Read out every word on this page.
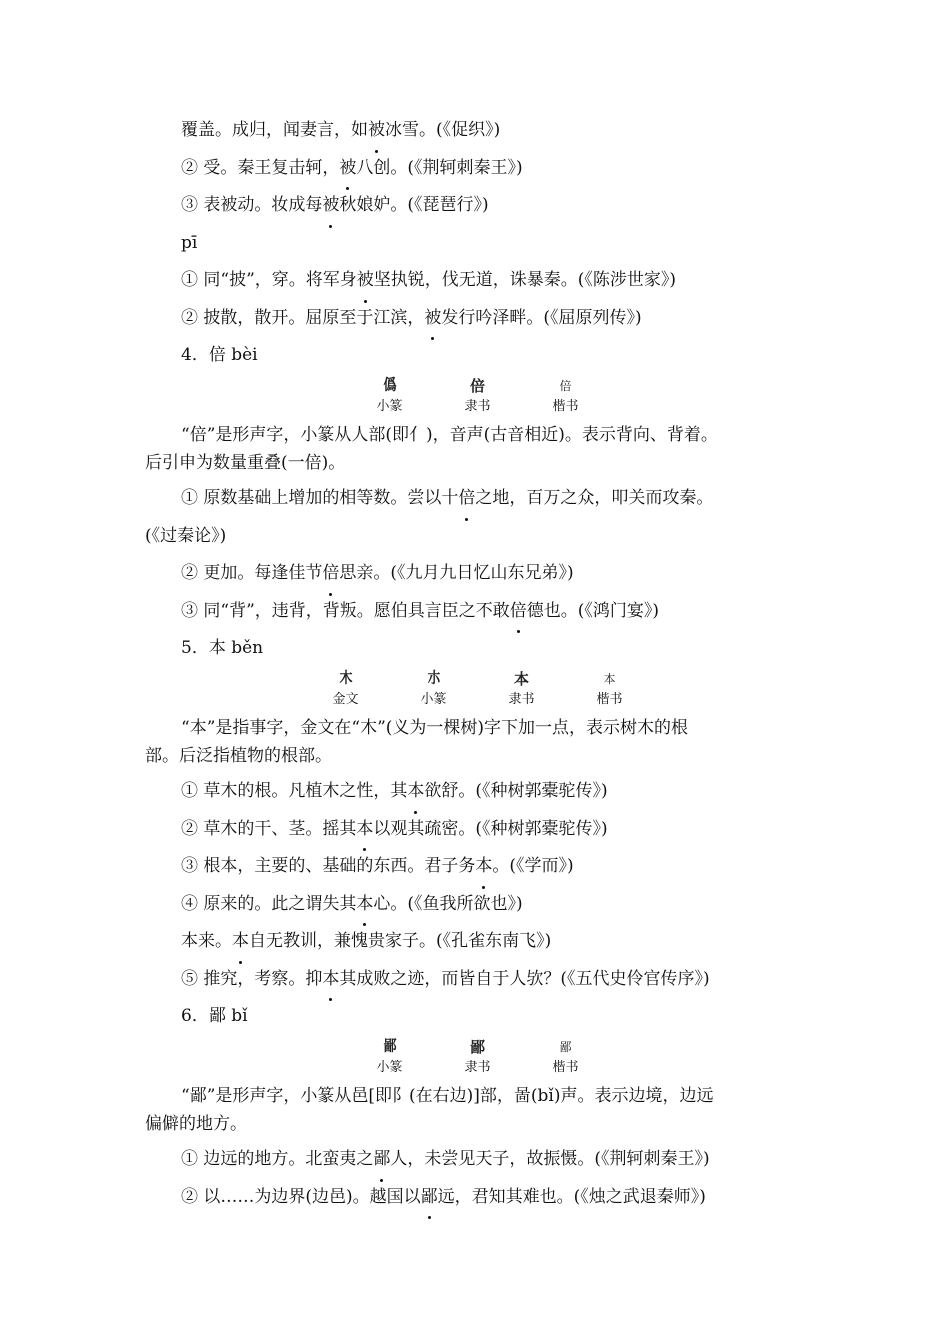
覆盖。成归，闻妻言，如被冰雪。(《促织》)
② 受。秦王复击轲，被八创。(《荆轲刺秦王》)
③ 表被动。妆成每被秋娘妒。(《琵琶行》)
pī
① 同“披”，穿。将军身被坚执锐，伐无道，诛暴秦。(《陈涉世家》)
② 披散，散开。屈原至于江滨，被发行吟泽畔。(《屈原列传》)
4．倍 bèi
僞
小篆
倍
隶书
倍
楷书
“倍”是形声字，小篆从人部(即亻)，音声(古音相近)。表示背向、背着。
后引申为数量重叠(一倍)。
① 原数基础上增加的相等数。尝以十倍之地，百万之众，叩关而攻秦。
(《过秦论》)
② 更加。每逢佳节倍思亲。(《九月九日忆山东兄弟》)
③ 同“背”，违背，背叛。愿伯具言臣之不敢倍德也。(《鸿门宴》)
5．本 běn
木
金文
朩
小篆
本
隶书
本
楷书
“本”是指事字，金文在“木”(义为一棵树)字下加一点，表示树木的根
部。后泛指植物的根部。
① 草木的根。凡植木之性，其本欲舒。(《种树郭橐驼传》)
② 草木的干、茎。摇其本以观其疏密。(《种树郭橐驼传》)
③ 根本，主要的、基础的东西。君子务本。(《学而》)
④ 原来的。此之谓失其本心。(《鱼我所欲也》)
本来。本自无教训，兼愧贵家子。(《孔雀东南飞》)
⑤ 推究，考察。抑本其成败之迹，而皆自于人欤？(《五代史伶官传序》)
6．鄙 bǐ
鄙
小篆
鄙
隶书
鄙
楷书
“鄙”是形声字，小篆从邑[即阝(在右边)]部，啚(bǐ)声。表示边境，边远
偏僻的地方。
① 边远的地方。北蛮夷之鄙人，未尝见天子，故振慑。(《荆轲刺秦王》)
② 以……为边界(边邑)。越国以鄙远，君知其难也。(《烛之武退秦师》)
